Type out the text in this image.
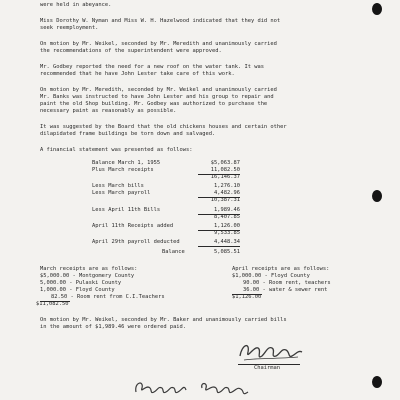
were held in abeyance.
Miss Dorothy W. Nyman and Miss W. H. Hazelwood indicated that they did not
seek reemployment.
On motion by Mr. Weikel, seconded by Mr. Meredith and unanimously carried
the recommendations of the superintendent were approved.
Mr. Godbey reported the need for a new roof on the water tank. It was
recommended that he have John Lester take care of this work.
On motion by Mr. Meredith, seconded by Mr. Weikel and unanimously carried
Mr. Banks was instructed to have John Lester and his group to repair and
paint the old Shop building. Mr. Godbey was authorized to purchase the
necessary paint as reasonably as possible.
It was suggested by the Board that the old chickens houses and certain other
dilapidated frame buildings be torn down and salvaged.
A financial statement was presented as follows:
Balance March 1, 1955	$5,063.87
Plus March receipts	11,082.50
16,146.37
Less March bills	1,276.10
Less March payroll	4,482.96
10,387.31
Less April 11th Bills	1,989.46
8,407.85
April 11th Receipts added	1,126.00
9,533.85
April 29th payroll deducted	4,448.34
Balance	5,085.51
March receipts are as follows:
$5,000.00 - Montgomery County
5,000.00 - Pulaski County
1,000.00 - Floyd County
82.50 - Room rent from C.I.Teachers
$11,082.50
April receipts are as follows:
$1,000.00 - Floyd County
90.00 - Room rent, teachers
36.00 - water & sewer rent
$1,126.00
On motion by Mr. Weikel, seconded by Mr. Baker and unanimously carried bills
in the amount of $1,989.46 were ordered paid.
Chairman
